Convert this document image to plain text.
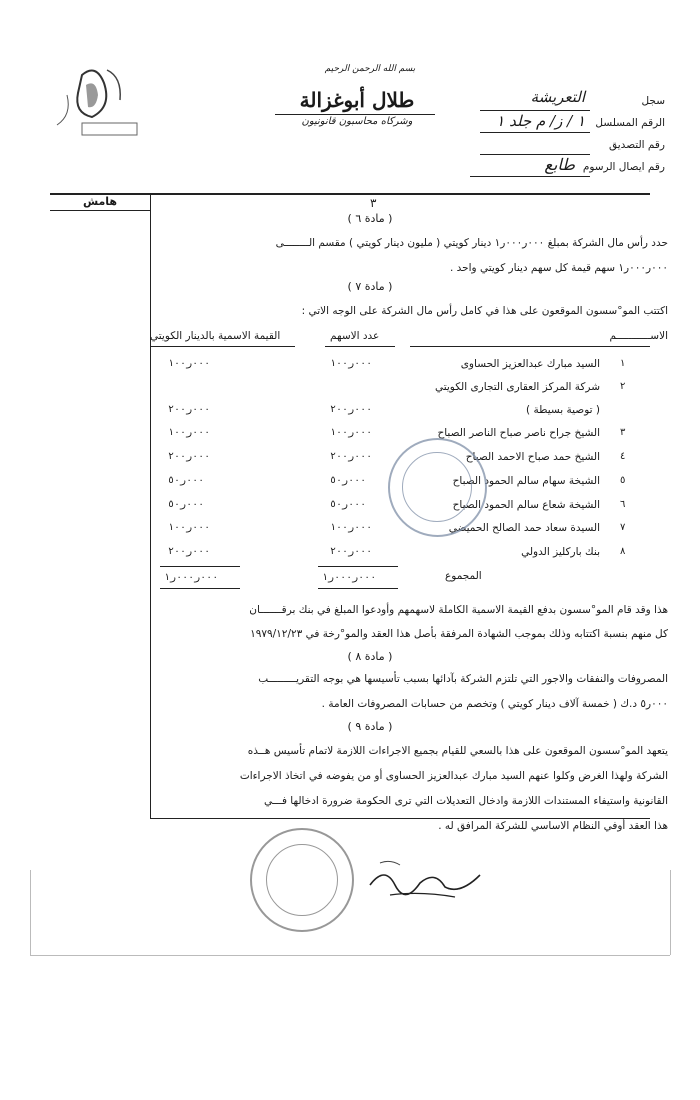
بسم الله الرحمن الرحيم
طلال أبوغزالة
وشركاه محاسبون قانونيون
سجل
الرقم المسلسل
رقم التصديق
رقم ايصال الرسوم
التعريشة
١ / ز/ م جلد ١
طابع
هامش	٣
( مادة ٦ )
حدد رأس مال الشركة بمبلغ ٠٠٠ر٠٠٠ر١ دينار كويتي ( مليون دينار كويتي ) مقسم الــــــــى
٠٠٠ر٠٠٠ر١ سهم قيمة كل سهم دينار كويتي واحد .
( مادة ٧ )
اكتتب المو°سسون الموقعون على هذا في كامل رأس مال الشركة على الوجه الاتي :
الاســـــــــــم
عدد الاسهم
القيمة الاسمية بالدينار الكويتي
١
السيد مبارك عبدالعزيز الحساوى
٠٠٠ر١٠٠
٠٠٠ر١٠٠
٢
شركة المركز العقارى التجارى الكويتي
( توصية بسيطة )
٠٠٠ر٢٠٠
٠٠٠ر٢٠٠
٣
الشيخ جراح ناصر صباح الناصر الصباح
٠٠٠ر١٠٠
٠٠٠ر١٠٠
٤
الشيخ حمد صباح الاحمد الصباح
٠٠٠ر٢٠٠
٠٠٠ر٢٠٠
٥
الشيخة سهام سالم الحمود الصباح
٠٠٠ر٥٠
٠٠٠ر٥٠
٦
الشيخة شعاع سالم الحمود الصباح
٠٠٠ر٥٠
٠٠٠ر٥٠
٧
السيدة سعاد حمد الصالح الحميضي
٠٠٠ر١٠٠
٠٠٠ر١٠٠
٨
بنك باركليز الدولي
٠٠٠ر٢٠٠
٠٠٠ر٢٠٠
المجموع
٠٠٠ر٠٠٠ر١
٠٠٠ر٠٠٠ر١
هذا وقد قام المو°سسون بدفع القيمة الاسمية الكاملة لاسهمهم وأودعوا المبلغ في بنك برقـــــــان
كل منهم بنسبة اكتتابه وذلك بموجب الشهادة المرفقة بأصل هذا العقد والمو°رخة في ١٩٧٩/١٢/٢٣
( مادة ٨ )
المصروفات والنفقات والاجور التي تلتزم الشركة بآدائها بسبب تأسيسها هي بوجه التقريـــــــــب
٠٠٠ر٥ د.ك ( خمسة آلاف دينار كويتي ) وتخصم من حسابات المصروفات العامة .
( مادة ٩ )
يتعهد المو°سسون الموقعون على هذا بالسعي للقيام بجميع الاجراءات اللازمة لاتمام تأسيس هــذه
الشركة ولهذا الغرض وكلوا عنهم السيد مبارك عبدالعزيز الحساوى أو من يفوضه في اتخاذ الاجراءات
القانونية واستيفاء المستندات اللازمة وادخال التعديلات التي ترى الحكومة ضرورة ادخالها فـــي
هذا العقد أوفي النظام الاساسي للشركة المرافق له .
